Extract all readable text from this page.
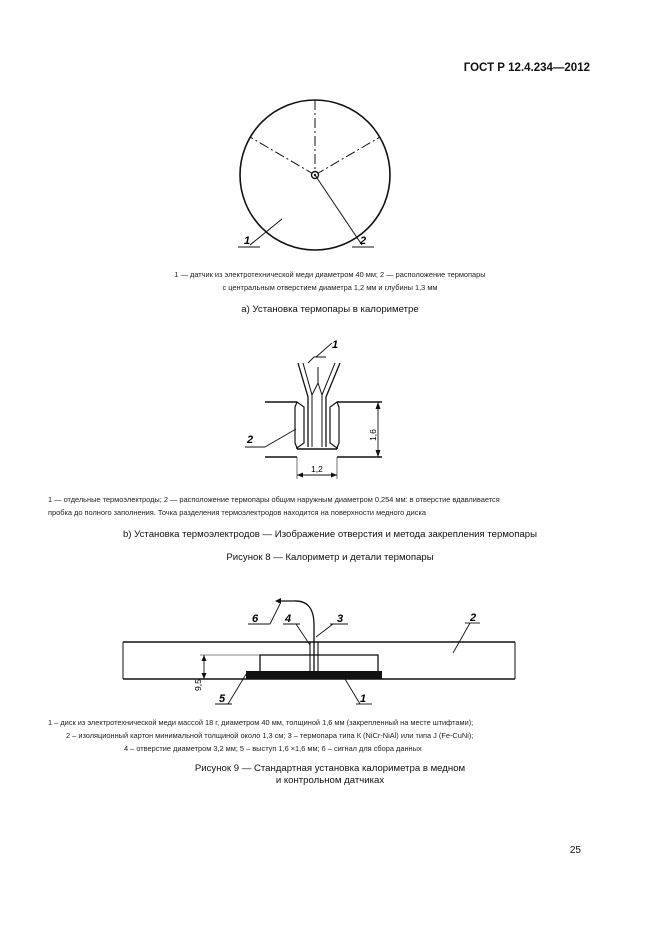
ГОСТ Р 12.4.234—2012
1	2
1 — датчик из электротехнической меди диаметром 40 мм; 2 — расположение термопары
с центральным отверстием диаметра 1,2 мм и глубины 1,3 мм
а) Установка термопары в калориметре
1
2	1,6
1,2
1 — отдельные термоэлектроды; 2 — расположение термопары общим наружным диаметром 0,254 мм: в отверстие вдавливается
пробка до полного заполнения. Точка разделения термоэлектродов находится на поверхности медного диска
b) Установка термоэлектродов — Изображение отверстия и метода закрепления термопары
Рисунок 8 — Калориметр и детали термопары
9,5
6 4	3	2
5	1
1 – диск из электротехнической меди массой 18 г, диаметром 40 мм, толщиной 1,6 мм (закрепленный на месте штифтами);
2 – изоляционный картон минимальной толщиной около 1,3 см; 3 – термопара типа К (NiCr-NiAl) или типа J (Fe-CuNi);
4 – отверстие диаметром 3,2 мм; 5 – выступ 1,6 ×1,6 мм; 6 – сигнал для сбора данных
Рисунок 9 — Стандартная установка калориметра в медном
и контрольном датчиках
25
